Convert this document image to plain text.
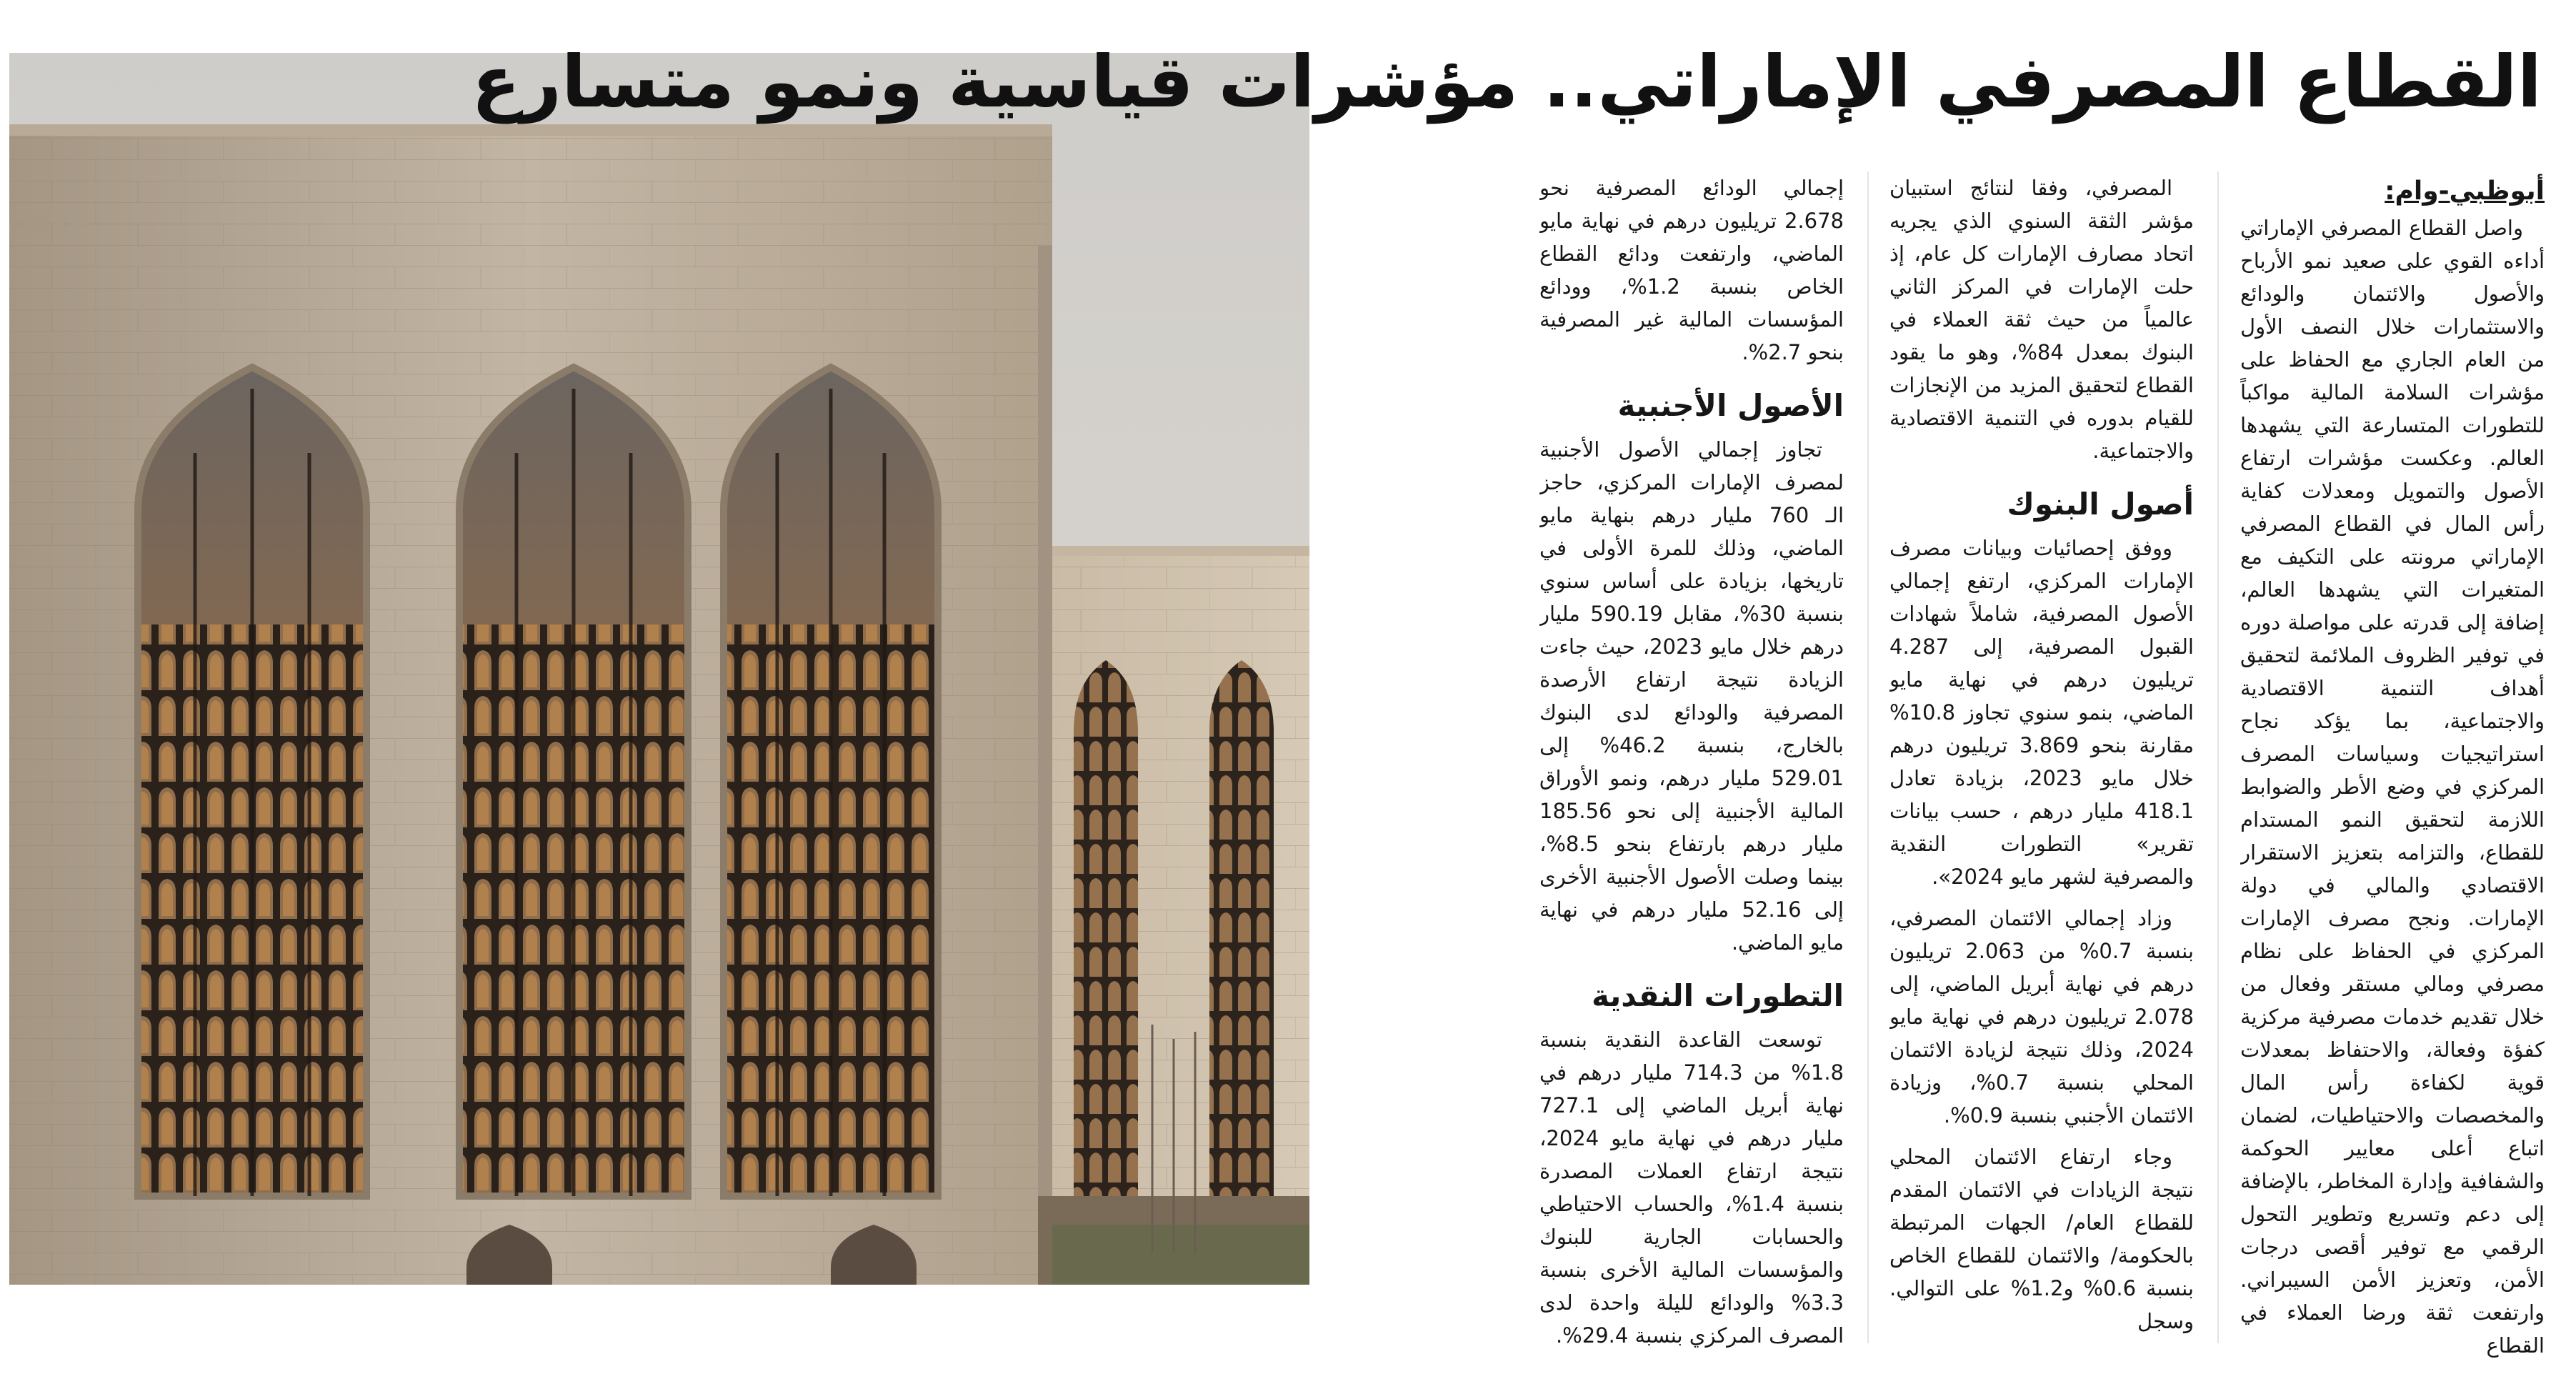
القطاع المصرفي الإماراتي.. مؤشرات قياسية ونمو متسارع

أبوظبي-وام:

واصل القطاع المصرفي الإماراتي أداءه القوي على صعيد نمو الأرباح والأصول والائتمان والودائع والاستثمارات خلال النصف الأول من العام الجاري مع الحفاظ على مؤشرات السلامة المالية مواكباً للتطورات المتسارعة التي يشهدها العالم. وعكست مؤشرات ارتفاع الأصول والتمويل ومعدلات كفاية رأس المال في القطاع المصرفي الإماراتي مرونته على التكيف مع المتغيرات التي يشهدها العالم، إضافة إلى قدرته على مواصلة دوره في توفير الظروف الملائمة لتحقيق أهداف التنمية الاقتصادية والاجتماعية، بما يؤكد نجاح استراتيجيات وسياسات المصرف المركزي في وضع الأطر والضوابط اللازمة لتحقيق النمو المستدام للقطاع، والتزامه بتعزيز الاستقرار الاقتصادي والمالي في دولة الإمارات. ونجح مصرف الإمارات المركزي في الحفاظ على نظام مصرفي ومالي مستقر وفعال من خلال تقديم خدمات مصرفية مركزية كفؤة وفعالة، والاحتفاظ بمعدلات قوية لكفاءة رأس المال والمخصصات والاحتياطيات، لضمان اتباع أعلى معايير الحوكمة والشفافية وإدارة المخاطر، بالإضافة إلى دعم وتسريع وتطوير التحول الرقمي مع توفير أقصى درجات الأمن، وتعزيز الأمن السيبراني. وارتفعت ثقة ورضا العملاء في القطاع

المصرفي، وفقا لنتائج استبيان مؤشر الثقة السنوي الذي يجريه اتحاد مصارف الإمارات كل عام، إذ حلت الإمارات في المركز الثاني عالمياً من حيث ثقة العملاء في البنوك بمعدل 84%، وهو ما يقود القطاع لتحقيق المزيد من الإنجازات للقيام بدوره في التنمية الاقتصادية والاجتماعية.

أصول البنوك

ووفق إحصائيات وبيانات مصرف الإمارات المركزي، ارتفع إجمالي الأصول المصرفية، شاملاً شهادات القبول المصرفية، إلى 4.287 تريليون درهم في نهاية مايو الماضي، بنمو سنوي تجاوز 10.8% مقارنة بنحو 3.869 تريليون درهم خلال مايو 2023، بزيادة تعادل 418.1 مليار درهم ، حسب بيانات تقرير» التطورات النقدية والمصرفية لشهر مايو 2024».

وزاد إجمالي الائتمان المصرفي، بنسبة 0.7% من 2.063 تريليون درهم في نهاية أبريل الماضي، إلى 2.078 تريليون درهم في نهاية مايو 2024، وذلك نتيجة لزيادة الائتمان المحلي بنسبة 0.7%، وزيادة الائتمان الأجنبي بنسبة 0.9%.

وجاء ارتفاع الائتمان المحلي نتيجة الزيادات في الائتمان المقدم للقطاع العام/ الجهات المرتبطة بالحكومة/ والائتمان للقطاع الخاص بنسبة 0.6% و1.2% على التوالي. وسجل

إجمالي الودائع المصرفية نحو 2.678 تريليون درهم في نهاية مايو الماضي، وارتفعت ودائع القطاع الخاص بنسبة 1.2%، وودائع المؤسسات المالية غير المصرفية بنحو 2.7%.

الأصول الأجنبية

تجاوز إجمالي الأصول الأجنبية لمصرف الإمارات المركزي، حاجز الـ 760 مليار درهم بنهاية مايو الماضي، وذلك للمرة الأولى في تاريخها، بزيادة على أساس سنوي بنسبة 30%، مقابل 590.19 مليار درهم خلال مايو 2023، حيث جاءت الزيادة نتيجة ارتفاع الأرصدة المصرفية والودائع لدى البنوك بالخارج، بنسبة 46.2% إلى 529.01 مليار درهم، ونمو الأوراق المالية الأجنبية إلى نحو 185.56 مليار درهم بارتفاع بنحو 8.5%، بينما وصلت الأصول الأجنبية الأخرى إلى 52.16 مليار درهم في نهاية مايو الماضي.

التطورات النقدية

توسعت القاعدة النقدية بنسبة 1.8% من 714.3 مليار درهم في نهاية أبريل الماضي إلى 727.1 مليار درهم في نهاية مايو 2024، نتيجة ارتفاع العملات المصدرة بنسبة 1.4%، والحساب الاحتياطي والحسابات الجارية للبنوك والمؤسسات المالية الأخرى بنسبة 3.3% والودائع لليلة واحدة لدى المصرف المركزي بنسبة 29.4%.
